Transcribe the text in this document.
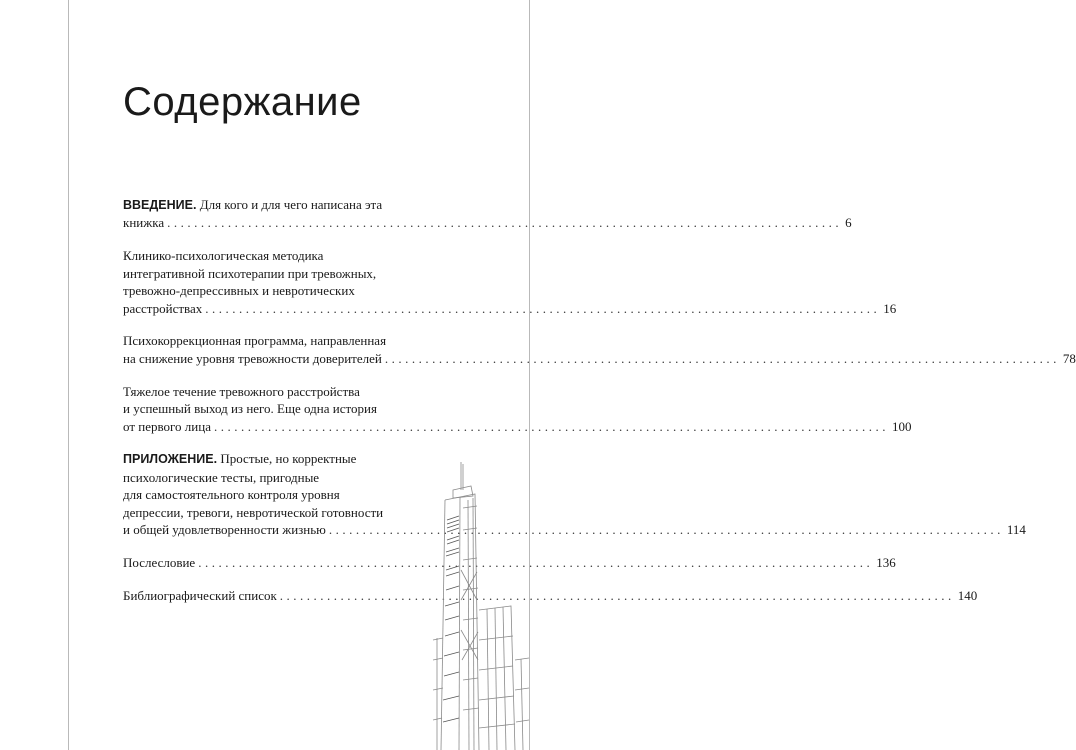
Содержание
ВВЕДЕНИЕ. Для кого и для чего написана эта
книжка .................................................................................................... 6
Клинико-психологическая методика
интегративной психотерапии при тревожных,
тревожно-депрессивных и невротических
расстройствах .................................................................................................... 16
Психокоррекционная программа, направленная
на снижение уровня тревожности доверителей .................................................................................................... 78
Тяжелое течение тревожного расстройства
и успешный выход из него. Еще одна история
от первого лица .................................................................................................... 100
ПРИЛОЖЕНИЕ. Простые, но корректные
психологические тесты, пригодные
для самостоятельного контроля уровня
депрессии, тревоги, невротической готовности
и общей удовлетворенности жизнью .................................................................................................... 114
Послесловие .................................................................................................... 136
Библиографический список .................................................................................................... 140
